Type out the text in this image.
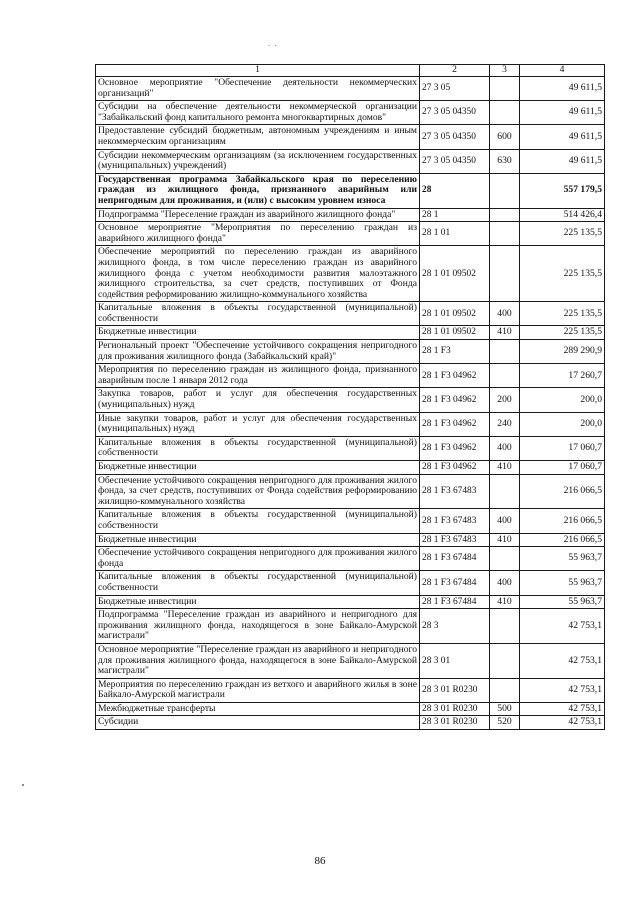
. .
1	2	3	4
Основное мероприятие "Обеспечение деятельности некоммерческих организаций"	27 3 05		49 611,5
Субсидии на обеспечение деятельности некоммерческой организации "Забайкальский фонд капитального ремонта многоквартирных домов"	27 3 05 04350		49 611,5
Предоставление субсидий бюджетным, автономным учреждениям и иным некоммерческим организациям	27 3 05 04350	600	49 611,5
Субсидии некоммерческим организациям (за исключением государственных (муниципальных) учреждений)	27 3 05 04350	630	49 611,5
Государственная программа Забайкальского края по переселению граждан из жилищного фонда, признанного аварийным или непригодным для проживания, и (или) с высоким уровнем износа	28		557 179,5
Подпрограмма "Переселение граждан из аварийного жилищного фонда"	28 1		514 426,4
Основное мероприятие "Мероприятия по переселению граждан из аварийного жилищного фонда"	28 1 01		225 135,5
Обеспечение мероприятий по переселению граждан из аварийного жилищного фонда, в том числе переселению граждан из аварийного жилищного фонда с учетом необходимости развития малоэтажного жилищного строительства, за счет средств, поступивших от Фонда содействия реформированию жилищно-коммунального хозяйства	28 1 01 09502		225 135,5
Капитальные вложения в объекты государственной (муниципальной) собственности	28 1 01 09502	400	225 135,5
Бюджетные инвестиции	28 1 01 09502	410	225 135,5
Региональный проект "Обеспечение устойчивого сокращения непригодного для проживания жилищного фонда (Забайкальский край)"	28 1 F3		289 290,9
Мероприятия по переселению граждан из жилищного фонда, признанного аварийным после 1 января 2012 года	28 1 F3 04962		17 260,7
Закупка товаров, работ и услуг для обеспечения государственных (муниципальных) нужд	28 1 F3 04962	200	200,0
Иные закупки товаров, работ и услуг для обеспечения государственных (муниципальных) нужд	28 1 F3 04962	240	200,0
Капитальные вложения в объекты государственной (муниципальной) собственности	28 1 F3 04962	400	17 060,7
Бюджетные инвестиции	28 1 F3 04962	410	17 060,7
Обеспечение устойчивого сокращения непригодного для проживания жилого фонда, за счет средств, поступивших от Фонда содействия реформированию жилищно-коммунального хозяйства	28 1 F3 67483		216 066,5
Капитальные вложения в объекты государственной (муниципальной) собственности	28 1 F3 67483	400	216 066,5
Бюджетные инвестиции	28 1 F3 67483	410	216 066,5
Обеспечение устойчивого сокращения непригодного для проживания жилого фонда	28 1 F3 67484		55 963,7
Капитальные вложения в объекты государственной (муниципальной) собственности	28 1 F3 67484	400	55 963,7
Бюджетные инвестиции	28 1 F3 67484	410	55 963,7
Подпрограмма "Переселение граждан из аварийного и непригодного для проживания жилищного фонда, находящегося в зоне Байкало-Амурской магистрали"	28 3		42 753,1
Основное мероприятие "Переселение граждан из аварийного и непригодного для проживания жилищного фонда, находящегося в зоне Байкало-Амурской магистрали"	28 3 01		42 753,1
Мероприятия по переселению граждан из ветхого и аварийного жилья в зоне Байкало-Амурской магистрали	28 3 01 R0230		42 753,1
Межбюджетные трансферты	28 3 01 R0230	500	42 753,1
Субсидии	28 3 01 R0230	520	42 753,1
86
